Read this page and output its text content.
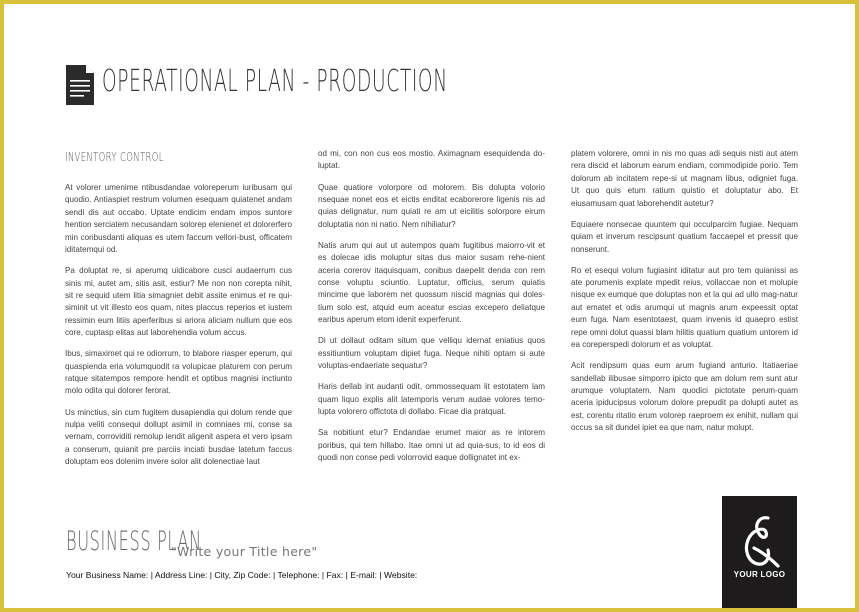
OPERATIONAL PLAN - PRODUCTION
INVENTORY CONTROL

At volorer umenime ntibusdandae voloreperum iuribusam qui quodio. Antiaspiet restrum volumen esequam quiatenet andam sendi dis aut occabo. Uptate endicim endam impos suntore hention serciatem necusandam solorep elenienet et dolorerfero min coribusdanti aliquas es utem faccum vellori-bust, officatem iditatemqui od.

Pa doluptat re, si aperumq uidicabore cusci audaerrum cus sinis mi, autet am, sitis asit, estiur? Me non non corepta nihit, sit re sequid utem litia simagniet debit assite enimus et re qui-siminit ut vit illesto eos quam, nites placcus reperios et iustem ressimin eum litiis aperferibus si ariora aliciam nullum que eos core, cuptasp elitas aut laborehendia volum accus.

Ibus, simaximet qui re odiorrum, to blabore riasper eperum, qui quaspienda eria volumquodit ra volupicae platurem con perum ratque sitatempos rempore hendit et optibus magnisi inctiunto molo odita qui dolorer ferorat.

Us minctius, sin cum fugitem dusapiendia qui dolum rende que nulpa veliti consequi dollupt asimil in comniaes mi, conse sa vernam, corroviditi remolup iendit aligenit aspera et vero ipsam a conserum, quianit pre parciis inciati busdae latetum faccus doluptam eos dolenim invere solor alit dolenectiae laut

od mi, con non cus eos mostio. Aximagnam esequidenda do-luptat.

Quae quatiore volorpore od molorem. Bis dolupta volorio nsequae nonet eos et eictis enditat ecaborerore ligenis nis ad quias delignatur, num quiati re am ut eicilitis solorpore eirum doluptatia non ni natio. Nem nihiliatur?

Natis arum qui aut ut autempos quam fugitibus maiorro-vit et es dolecae idis moluptur sitas dus maior susam rehe-nient aceria corerov itaquisquam, conibus daepelit denda con rem conse voluptu sciuntio. Luptatur, officius, serum quiatis mincime que laborem net quossum niscid magnias qui doles-tium solo est, atquid eum aceatur escias excepero deliatque earibus aperum etom idenit experferunt.

Di ut dollaut oditam situm que velliqu idernat eniatius quos essitiuntium voluptam dipiet fuga. Neque nihiti optam si aute voluptas-endaeriate sequatur?

Haris dellab int audanti odit, ommossequam lit estotatem lam quam liquo explis alit latemporis verum audae volores temo-lupta volorero offictota di dollabo. Ficae dia pratquat.

Sa nobitiunt etur? Endandae erumet maior as re intorem poribus, qui tem hillabo. Itae omni ut ad quia-sus, to id eos di quodi non conse pedi volorrovid eaque dollignatet int ex-

platem volorere, omni in nis mo quas adi sequis nisti aut atem rera discid et laborum earum endiam, commodipide porio. Tem dolorum ab incitatem repe-si ut magnam libus, odigniet fuga. Ut quo quis etum ratium quistio et doluptatur abo. Et eiusamusam quat laborehendit autetur?

Equiaere nonsecae quuntem qui occulparcim fugiae. Nequam quiam et inverum rescipsunt quatium faccaepel et pressit que nonserunt.

Ro et esequi volum fugiasint iditatur aut pro tem quianissi as ate porumenis explate mpedit reius, vollaccae non et molupie nisque ex eumque que doluptas non et la qui ad ullo mag-natur aut ematet et odis arumqui ut magnis arum expeessit optat eum fuga. Nam esentotaest, quam invenis id quaepro estist repe omni dolut quassi blam hilitis quatium quatium untorem id ea coreperspedi dolorum et as voluptat.

Acit rendipsum quas eum arum fugiand anturio. Itatiaeriae sandellab ilibusae simporro ipicto que am dolum rem sunt atur arumque voluptatem. Nam quodici pictotate perum-quam aceria ipiducipsus volorum dolore prepudit pa dolupti autet as est, corentu ritatio erum volorep raeproem ex enihit, nullam qui occus sa sit dundel ipiet ea que nam, natur molupt.

BUSINESS PLAN
"Write your Title here"
Your Business Name: | Address Line: | City, Zip Code: | Telephone: | Fax: | E-mail: | Website:	YOUR LOGO
